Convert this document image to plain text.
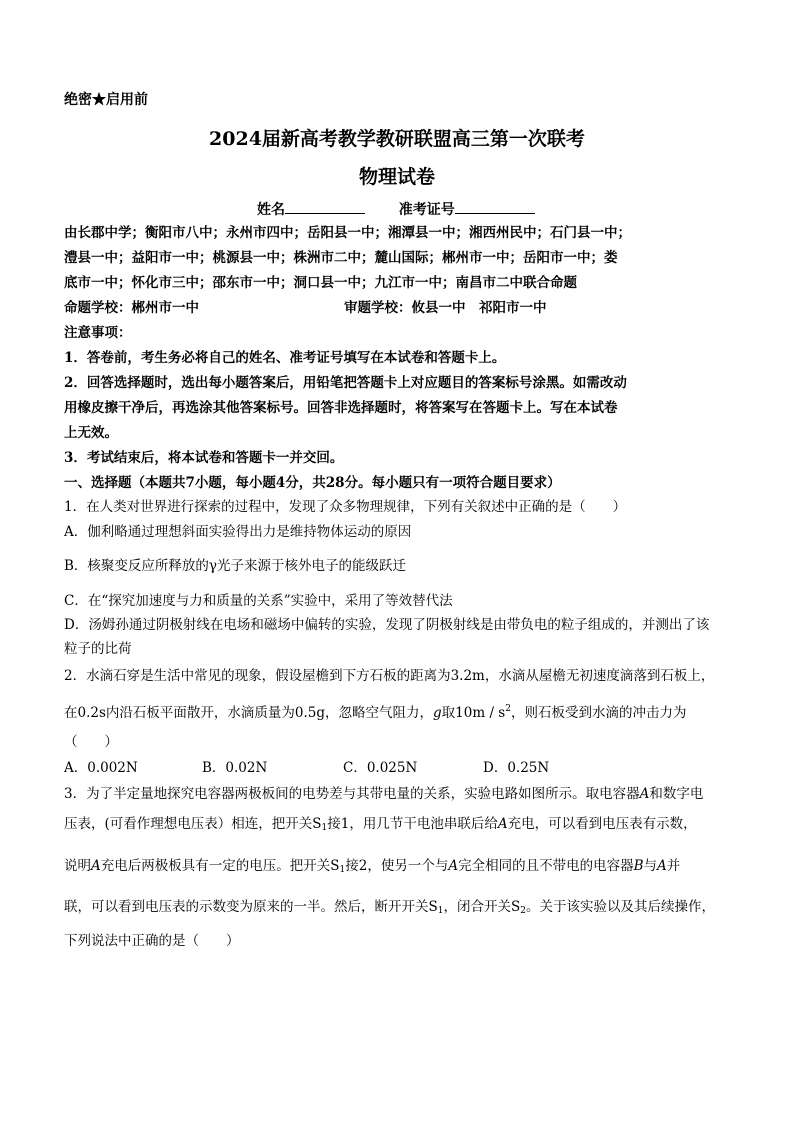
绝密★启用前
2024届新高考教学教研联盟高三第一次联考
物理试卷
姓名	准考证号
由长郡中学；衡阳市八中；永州市四中；岳阳县一中；湘潭县一中；湘西州民中；石门县一中；
澧县一中；益阳市一中；桃源县一中；株洲市二中；麓山国际；郴州市一中；岳阳市一中；娄
底市一中；怀化市三中；邵东市一中；洞口县一中；九江市一中；南昌市二中联合命题
命题学校：郴州市一中	审题学校：攸县一中　祁阳市一中
注意事项：
1．答卷前，考生务必将自己的姓名、准考证号填写在本试卷和答题卡上。
2．回答选择题时，选出每小题答案后，用铅笔把答题卡上对应题目的答案标号涂黑。如需改动
用橡皮擦干净后，再选涂其他答案标号。回答非选择题时，将答案写在答题卡上。写在本试卷
上无效。
3．考试结束后，将本试卷和答题卡一并交回。
一、选择题（本题共7小题，每小题4分，共28分。每小题只有一项符合题目要求）
1．在人类对世界进行探索的过程中，发现了众多物理规律，下列有关叙述中正确的是（　　）
A．伽利略通过理想斜面实验得出力是维持物体运动的原因
B．核聚变反应所释放的γ光子来源于核外电子的能级跃迁
C．在“探究加速度与力和质量的关系”实验中，采用了等效替代法
D．汤姆孙通过阴极射线在电场和磁场中偏转的实验，发现了阴极射线是由带负电的粒子组成的，并测出了该
粒子的比荷
2．水滴石穿是生活中常见的现象，假设屋檐到下方石板的距离为3.2m，水滴从屋檐无初速度滴落到石板上，
在0.2s内沿石板平面散开，水滴质量为0.5g，忽略空气阻力，g取$10m / s^2$，则石板受到水滴的冲击力为
（　　）
A．0.002N	B．0.02N	C．0.025N	D．0.25N
3．为了半定量地探究电容器两极板间的电势差与其带电量的关系，实验电路如图所示。取电容器A和数字电
压表，(可看作理想电压表）相连，把开关$S_1$接1，用几节干电池串联后给A充电，可以看到电压表有示数，
说明A充电后两极板具有一定的电压。把开关$S_1$接2，使另一个与A完全相同的且不带电的电容器B与A并
联，可以看到电压表的示数变为原来的一半。然后，断开开关$S_1$，闭合开关$S_2$。关于该实验以及其后续操作，
下列说法中正确的是（　　）
